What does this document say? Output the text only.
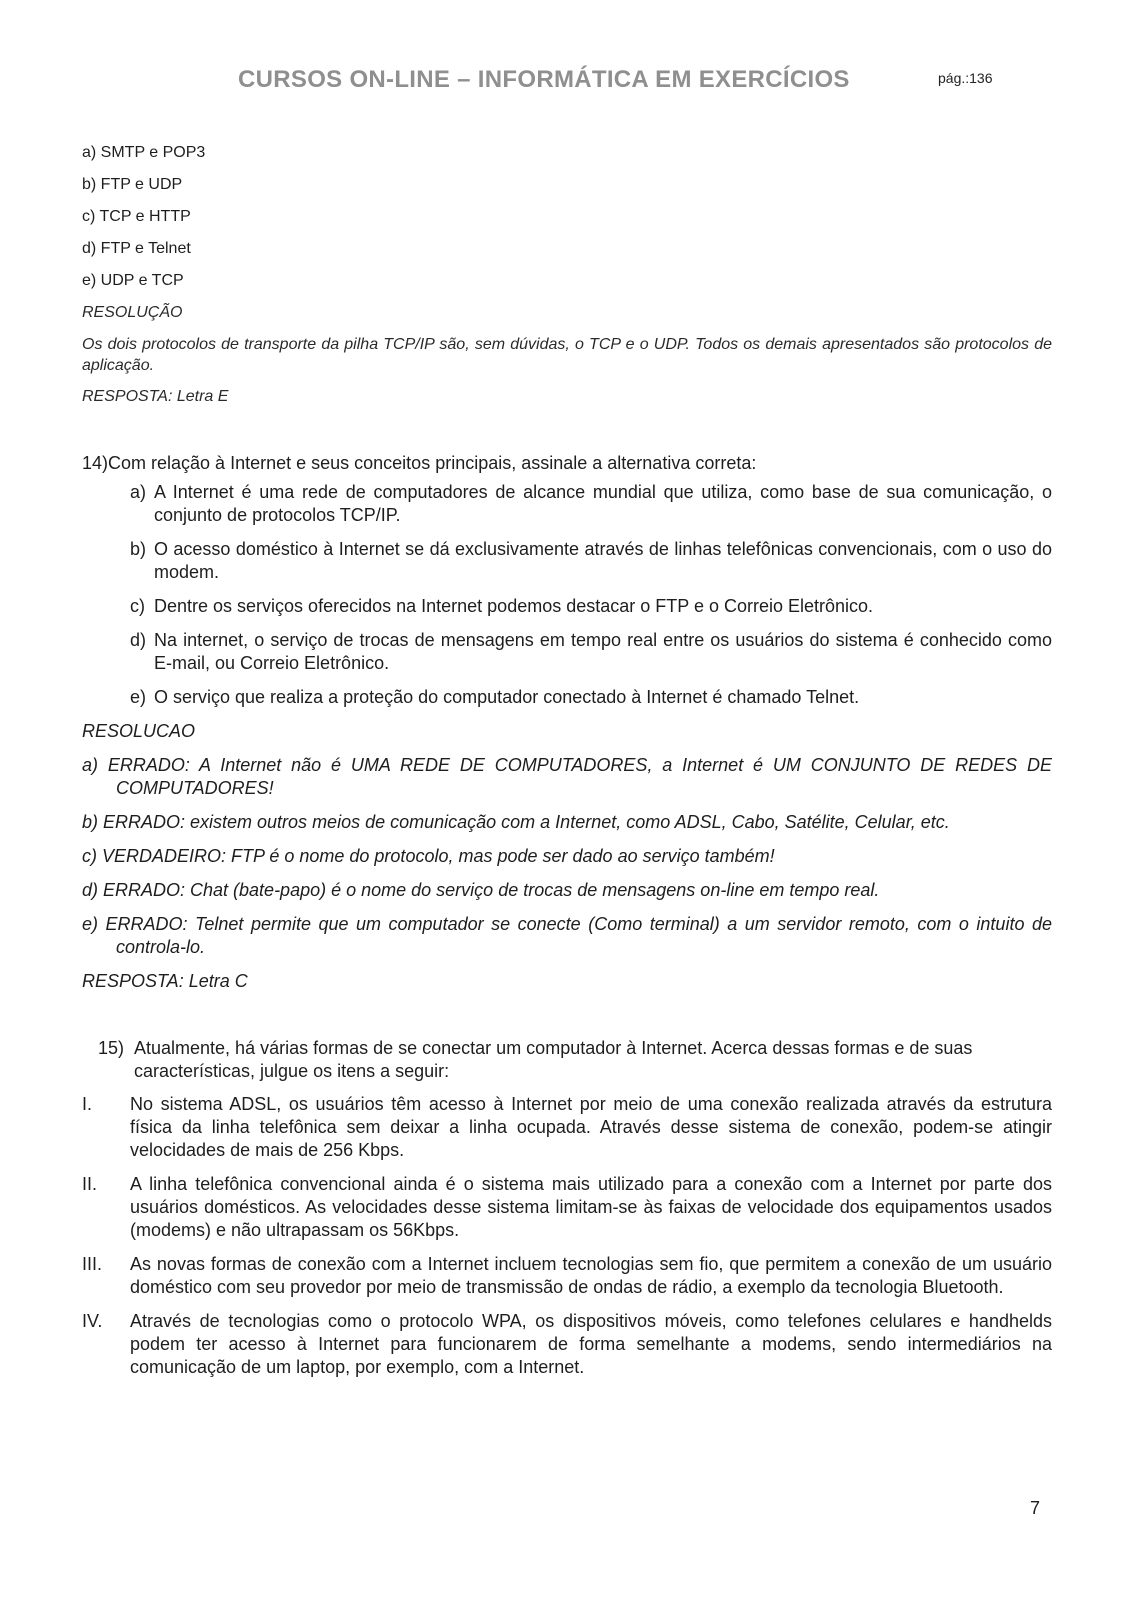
CURSOS ON-LINE – INFORMÁTICA EM EXERCÍCIOS	pág.:136

a) SMTP e POP3

b) FTP e UDP

c) TCP e HTTP

d) FTP e Telnet

e) UDP e TCP

RESOLUÇÃO

Os dois protocolos de transporte da pilha TCP/IP são, sem dúvidas, o TCP e o UDP. Todos os demais apresentados são protocolos de aplicação.

RESPOSTA: Letra E

14)Com relação à Internet e seus conceitos principais, assinale a alternativa correta:

a) A Internet é uma rede de computadores de alcance mundial que utiliza, como base de sua comunicação, o conjunto de protocolos TCP/IP.
b) O acesso doméstico à Internet se dá exclusivamente através de linhas telefônicas convencionais, com o uso do modem.
c) Dentre os serviços oferecidos na Internet podemos destacar o FTP e o Correio Eletrônico.
d) Na internet, o serviço de trocas de mensagens em tempo real entre os usuários do sistema é conhecido como E-mail, ou Correio Eletrônico.
e) O serviço que realiza a proteção do computador conectado à Internet é chamado Telnet.

RESOLUCAO

a) ERRADO: A Internet não é UMA REDE DE COMPUTADORES, a Internet é UM CONJUNTO DE REDES DE COMPUTADORES!

b) ERRADO: existem outros meios de comunicação com a Internet, como ADSL, Cabo, Satélite, Celular, etc.

c) VERDADEIRO: FTP é o nome do protocolo, mas pode ser dado ao serviço também!

d) ERRADO: Chat (bate-papo) é o nome do serviço de trocas de mensagens on-line em tempo real.

e) ERRADO: Telnet permite que um computador se conecte (Como terminal) a um servidor remoto, com o intuito de controla-lo.

RESPOSTA: Letra C

15) Atualmente, há várias formas de se conectar um computador à Internet. Acerca dessas formas e de suas características, julgue os itens a seguir:
I.	No sistema ADSL, os usuários têm acesso à Internet por meio de uma conexão realizada através da estrutura física da linha telefônica sem deixar a linha ocupada. Através desse sistema de conexão, podem-se atingir velocidades de mais de 256 Kbps.
II.	A linha telefônica convencional ainda é o sistema mais utilizado para a conexão com a Internet por parte dos usuários domésticos. As velocidades desse sistema limitam-se às faixas de velocidade dos equipamentos usados (modems) e não ultrapassam os 56Kbps.
III.	As novas formas de conexão com a Internet incluem tecnologias sem fio, que permitem a conexão de um usuário doméstico com seu provedor por meio de transmissão de ondas de rádio, a exemplo da tecnologia Bluetooth.
IV.	Através de tecnologias como o protocolo WPA, os dispositivos móveis, como telefones celulares e handhelds podem ter acesso à Internet para funcionarem de forma semelhante a modems, sendo intermediários na comunicação de um laptop, por exemplo, com a Internet.
7
